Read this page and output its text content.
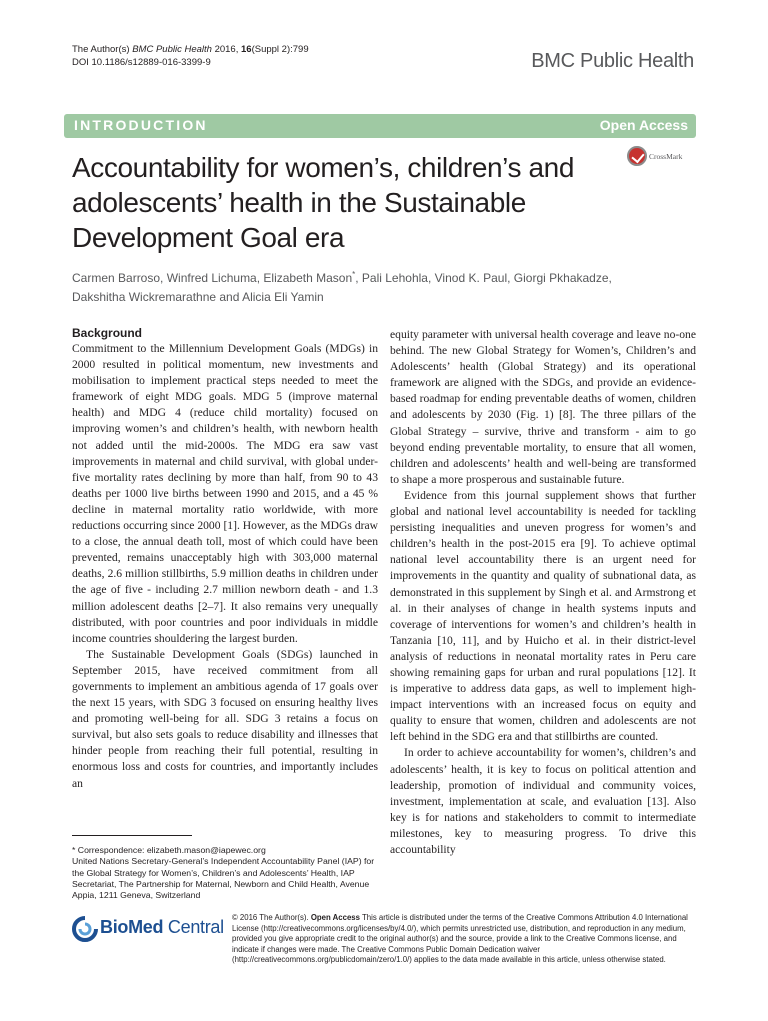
The Author(s) BMC Public Health 2016, 16(Suppl 2):799
DOI 10.1186/s12889-016-3399-9	BMC Public Health
INTRODUCTION	Open Access
Accountability for women’s, children’s and adolescents’ health in the Sustainable Development Goal era
CrossMark
Carmen Barroso, Winfred Lichuma, Elizabeth Mason*, Pali Lehohla, Vinod K. Paul, Giorgi Pkhakadze,
Dakshitha Wickremarathne and Alicia Eli Yamin

Background

Commitment to the Millennium Development Goals (MDGs) in 2000 resulted in political momentum, new investments and mobilisation to implement practical steps needed to meet the framework of eight MDG goals. MDG 5 (improve maternal health) and MDG 4 (reduce child mortality) focused on improving women’s and children’s health, with newborn health not added until the mid-2000s. The MDG era saw vast improvements in maternal and child survival, with global under-five mortality rates declining by more than half, from 90 to 43 deaths per 1000 live births between 1990 and 2015, and a 45 % decline in maternal mortality ratio worldwide, with more reductions occurring since 2000 [1]. However, as the MDGs draw to a close, the annual death toll, most of which could have been prevented, remains unacceptably high with 303,000 maternal deaths, 2.6 million stillbirths, 5.9 million deaths in children under the age of five - including 2.7 million newborn death - and 1.3 million adolescent deaths [2–7]. It also remains very unequally distributed, with poor countries and poor individuals in middle income countries shouldering the largest burden.

The Sustainable Development Goals (SDGs) launched in September 2015, have received commitment from all governments to implement an ambitious agenda of 17 goals over the next 15 years, with SDG 3 focused on ensuring healthy lives and promoting well-being for all. SDG 3 retains a focus on survival, but also sets goals to reduce disability and illnesses that hinder people from reaching their full potential, resulting in enormous loss and costs for countries, and importantly includes an

equity parameter with universal health coverage and leave no-one behind. The new Global Strategy for Women’s, Children’s and Adolescents’ health (Global Strategy) and its operational framework are aligned with the SDGs, and provide an evidence-based roadmap for ending preventable deaths of women, children and adolescents by 2030 (Fig. 1) [8]. The three pillars of the Global Strategy – survive, thrive and transform - aim to go beyond ending preventable mortality, to ensure that all women, children and adolescents’ health and well-being are transformed to shape a more prosperous and sustainable future.

Evidence from this journal supplement shows that further global and national level accountability is needed for tackling persisting inequalities and uneven progress for women’s and children’s health in the post-2015 era [9]. To achieve optimal national level accountability there is an urgent need for improvements in the quantity and quality of subnational data, as demonstrated in this supplement by Singh et al. and Armstrong et al. in their analyses of change in health systems inputs and coverage of interventions for women’s and children’s health in Tanzania [10, 11], and by Huicho et al. in their district-level analysis of reductions in neonatal mortality rates in Peru care showing remaining gaps for urban and rural populations [12]. It is imperative to address data gaps, as well to implement high-impact interventions with an increased focus on equity and quality to ensure that women, children and adolescents are not left behind in the SDG era and that stillbirths are counted.

In order to achieve accountability for women’s, children’s and adolescents’ health, it is key to focus on political attention and leadership, promotion of individual and community voices, investment, implementation at scale, and evaluation [13]. Also key is for nations and stakeholders to commit to intermediate milestones, key to measuring progress. To drive this accountability

* Correspondence: elizabeth.mason@iapewec.org

United Nations Secretary-General’s Independent Accountability Panel (IAP) for the Global Strategy for Women’s, Children’s and Adolescents’ Health, IAP Secretariat, The Partnership for Maternal, Newborn and Child Health, Avenue Appia, 1211 Geneva, Switzerland

BioMed Central © 2016 The Author(s). Open Access This article is distributed under the terms of the Creative Commons Attribution 4.0 International License (http://creativecommons.org/licenses/by/4.0/), which permits unrestricted use, distribution, and reproduction in any medium, provided you give appropriate credit to the original author(s) and the source, provide a link to the Creative Commons license, and indicate if changes were made. The Creative Commons Public Domain Dedication waiver (http://creativecommons.org/publicdomain/zero/1.0/) applies to the data made available in this article, unless otherwise stated.
